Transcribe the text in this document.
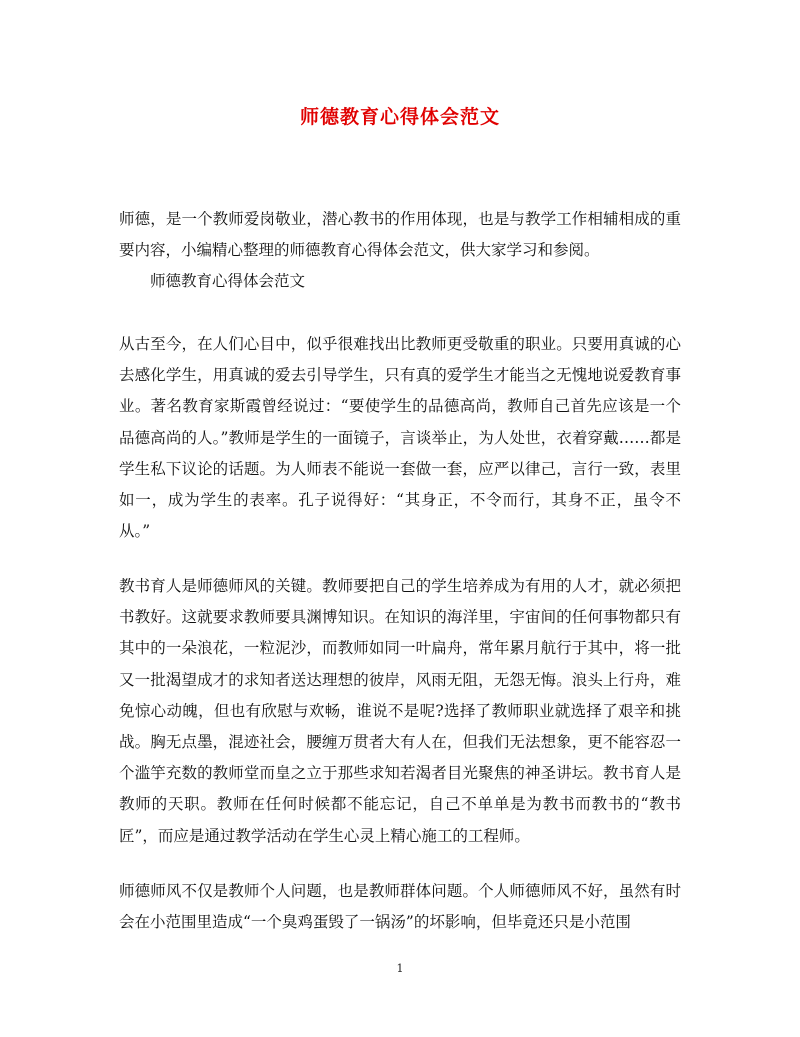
师德教育心得体会范文
师德，是一个教师爱岗敬业，潜心教书的作用体现，也是与教学工作相辅相成的重要内容，小编精心整理的师德教育心得体会范文，供大家学习和参阅。
师德教育心得体会范文
从古至今，在人们心目中，似乎很难找出比教师更受敬重的职业。只要用真诚的心去感化学生，用真诚的爱去引导学生，只有真的爱学生才能当之无愧地说爱教育事业。著名教育家斯霞曾经说过：“要使学生的品德高尚，教师自己首先应该是一个品德高尚的人。”教师是学生的一面镜子，言谈举止，为人处世，衣着穿戴……都是学生私下议论的话题。为人师表不能说一套做一套，应严以律己，言行一致，表里如一，成为学生的表率。孔子说得好：“其身正，不令而行，其身不正，虽令不从。”
教书育人是师德师风的关键。教师要把自己的学生培养成为有用的人才，就必须把书教好。这就要求教师要具渊博知识。在知识的海洋里，宇宙间的任何事物都只有其中的一朵浪花，一粒泥沙，而教师如同一叶扁舟，常年累月航行于其中，将一批又一批渴望成才的求知者送达理想的彼岸，风雨无阻，无怨无悔。浪头上行舟，难免惊心动魄，但也有欣慰与欢畅，谁说不是呢?选择了教师职业就选择了艰辛和挑战。胸无点墨，混迹社会，腰缠万贯者大有人在，但我们无法想象，更不能容忍一个滥竽充数的教师堂而皇之立于那些求知若渴者目光聚焦的神圣讲坛。教书育人是教师的天职。教师在任何时候都不能忘记，自己不单单是为教书而教书的“教书匠”，而应是通过教学活动在学生心灵上精心施工的工程师。
师德师风不仅是教师个人问题，也是教师群体问题。个人师德师风不好，虽然有时会在小范围里造成“一个臭鸡蛋毁了一锅汤”的坏影响，但毕竟还只是小范围
1
